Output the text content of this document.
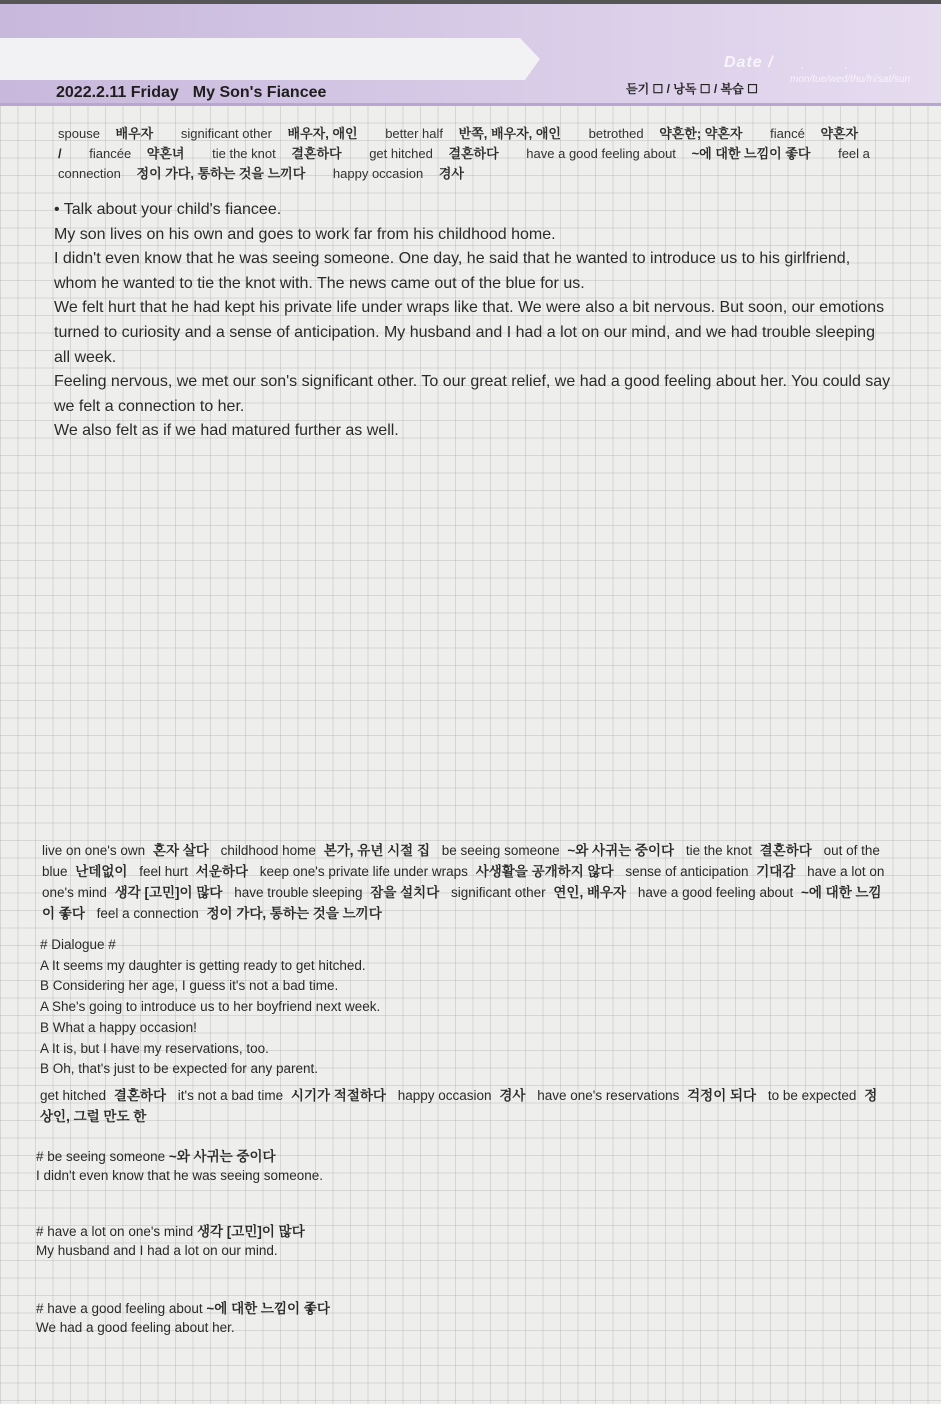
2022.2.11 Friday My Son's Fiancee
Date / ···
mon/tue/wed/thu/fri/sat/sun
듣기 ☐ / 낭독 ☐ / 복습 ☐
spouse 배우자 significant other 배우자, 애인 better half 반쪽, 배우자, 애인 betrothed 약혼한; 약혼자 fiancé 약혼자 / fiancée 약혼녀 tie the knot 결혼하다 get hitched 결혼하다 have a good feeling about ~에 대한 느낌이 좋다 feel a connection 정이 가다, 통하는 것을 느끼다 happy occasion 경사

• Talk about your child's fiancee.

My son lives on his own and goes to work far from his childhood home.

I didn't even know that he was seeing someone. One day, he said that he wanted to introduce us to his girlfriend, whom he wanted to tie the knot with. The news came out of the blue for us.

We felt hurt that he had kept his private life under wraps like that. We were also a bit nervous. But soon, our emotions turned to curiosity and a sense of anticipation. My husband and I had a lot on our mind, and we had trouble sleeping all week.

Feeling nervous, we met our son's significant other. To our great relief, we had a good feeling about her. You could say we felt a connection to her.

We also felt as if we had matured further as well.

live on one's own 혼자 살다 childhood home 본가, 유년 시절 집 be seeing someone ~와 사귀는 중이다 tie the knot 결혼하다 out of the blue 난데없이 feel hurt 서운하다 keep one's private life under wraps 사생활을 공개하지 않다 sense of anticipation 기대감 have a lot on one's mind 생각 [고민]이 많다 have trouble sleeping 잠을 설치다 significant other 연인, 배우자 have a good feeling about ~에 대한 느낌이 좋다 feel a connection 정이 가다, 통하는 것을 느끼다

# Dialogue #

A It seems my daughter is getting ready to get hitched.

B Considering her age, I guess it's not a bad time.

A She's going to introduce us to her boyfriend next week.

B What a happy occasion!

A It is, but I have my reservations, too.

B Oh, that's just to be expected for any parent.

get hitched 결혼하다 it's not a bad time 시기가 적절하다 happy occasion 경사 have one's reservations 걱정이 되다 to be expected 정상인, 그럴 만도 한

# be seeing someone ~와 사귀는 중이다

I didn't even know that he was seeing someone.

# have a lot on one's mind 생각 [고민]이 많다

My husband and I had a lot on our mind.

# have a good feeling about ~에 대한 느낌이 좋다

We had a good feeling about her.
